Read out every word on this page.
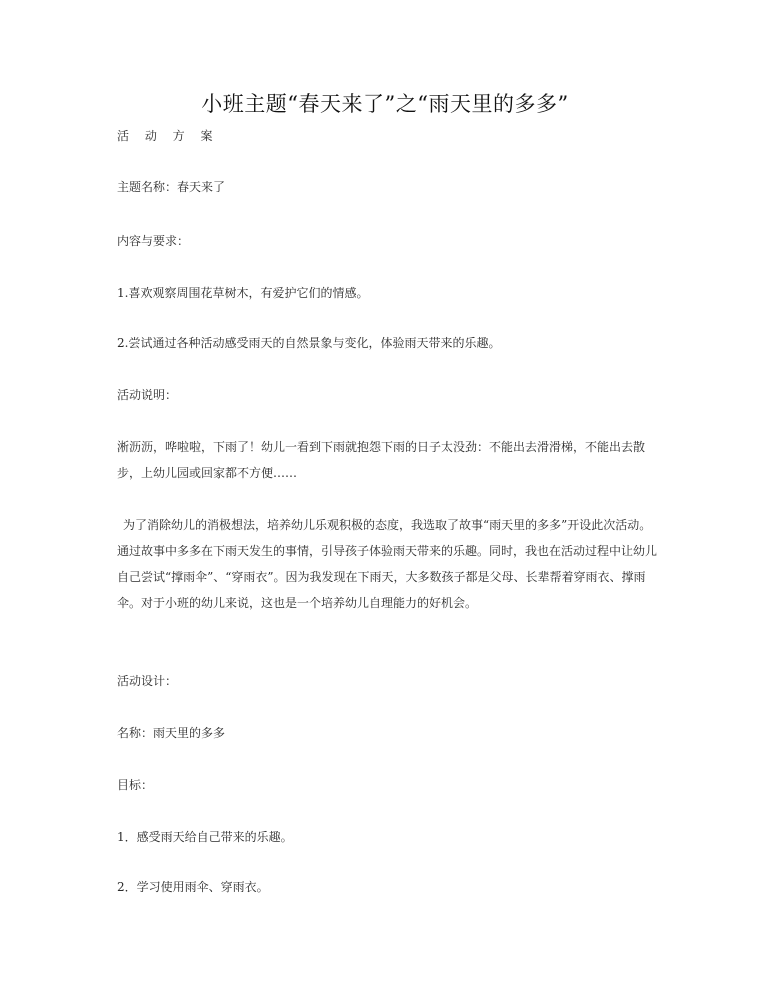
小班主题“春天来了”之“雨天里的多多”

活 动 方 案

主题名称：春天来了

内容与要求：

1.喜欢观察周围花草树木，有爱护它们的情感。

2.尝试通过各种活动感受雨天的自然景象与变化，体验雨天带来的乐趣。

活动说明：

淅沥沥，哗啦啦，下雨了！幼儿一看到下雨就抱怨下雨的日子太没劲：不能出去滑滑梯，不能出去散步，上幼儿园或回家都不方便……

为了消除幼儿的消极想法，培养幼儿乐观积极的态度，我选取了故事“雨天里的多多”开设此次活动。通过故事中多多在下雨天发生的事情，引导孩子体验雨天带来的乐趣。同时，我也在活动过程中让幼儿自己尝试“撑雨伞”、“穿雨衣”。因为我发现在下雨天，大多数孩子都是父母、长辈帮着穿雨衣、撑雨伞。对于小班的幼儿来说，这也是一个培养幼儿自理能力的好机会。

活动设计：

名称：雨天里的多多

目标：

1．感受雨天给自己带来的乐趣。

2．学习使用雨伞、穿雨衣。
